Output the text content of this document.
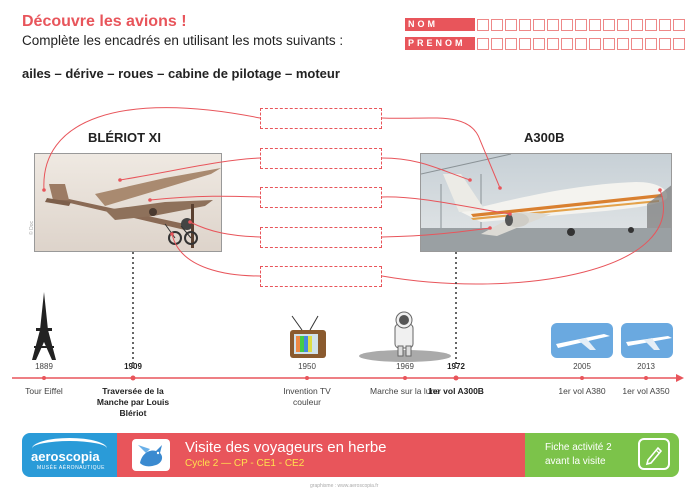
Découvre les avions !
Complète les encadrés en utilisant les mots suivants :
ailes – dérive – roues – cabine de pilotage – moteur
NOM
PRENOM
BLÉRIOT XI	A300B
© Doc
1889	1909	1950	1969	1972	2005	2013
Tour Eiffel	Traversée de la Manche par Louis Blériot
Invention TV couleur
Marche sur la lune
1er vol A300B	1er vol A380	1er vol A350
aeroscopia
MUSÉE AÉRONAUTIQUE
Visite des voyageurs en herbe
Cycle 2 — CP - CE1 - CE2
Fiche activité 2
avant la visite
graphisme : www.aeroscopia.fr
